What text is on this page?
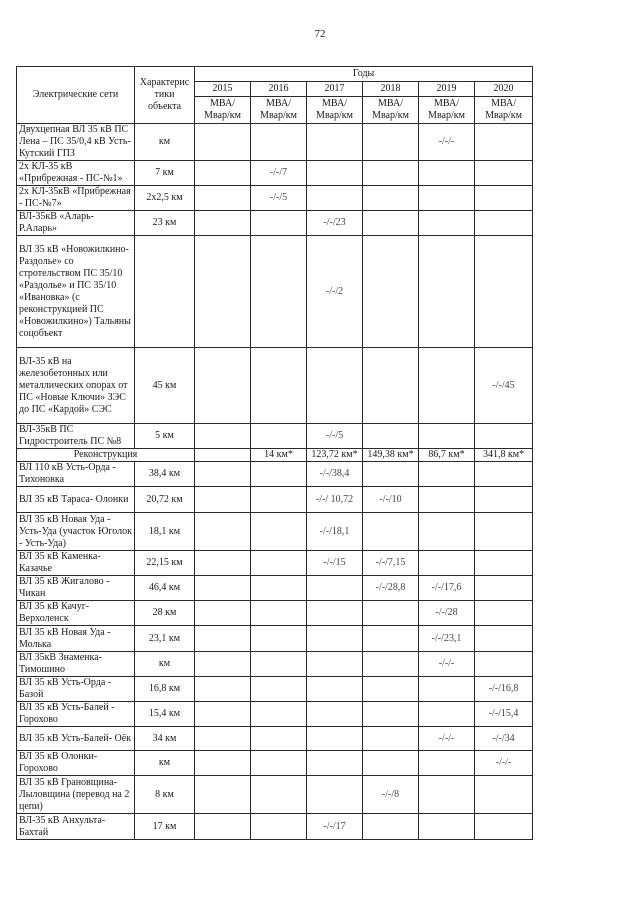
72
Электрические сети	Характерис тики объекта	Годы					
		2015	2016	2017	2018	2019	2020
		МВА/ Мвар/км	МВА/ Мвар/км	МВА/ Мвар/км	МВА/ Мвар/км	МВА/ Мвар/км	МВА/ Мвар/км
Двухцепная ВЛ 35 кВ ПС Лена – ПС 35/0,4 кВ Усть-Кутский ГПЗ	км					-/-/-	
2х КЛ-35 кВ «Прибрежная - ПС-№1»	7 км		-/-/7				
2х КЛ-35кВ «Прибрежная - ПС-№7»	2х2,5 км		-/-/5				
ВЛ-35кВ «Аларь- Р.Аларь»	23 км			-/-/23			
ВЛ 35 кВ «Новожилкино- Раздолье» со стротельством ПС 35/10 «Раздолье» и ПС 35/10 «Ивановка» (с реконструкцией ПС «Новожилкино») Тальяны соцобъект				-/-/2			
ВЛ-35 кВ на железобетонных или металлических опорах от ПС «Новые Ключи» ЗЭС до ПС «Кардой» СЭС	45 км						-/-/45
ВЛ-35кВ ПС Гидростроитель ПС №8	5 км			-/-/5			
Реконструкция			14 км*	123,72 км*	149,38 км*	86,7 км*	341,8 км*
ВЛ 110 кВ Усть-Орда - Тихоновка	38,4 км			-/-/38,4			
ВЛ 35 кВ Тараса- Олонки	20,72 км			-/-/ 10,72	-/-/10		
ВЛ 35 кВ Новая Уда - Усть-Уда (участок Юголок - Усть-Уда)	18,1 км			-/-/18,1			
ВЛ 35 кВ Каменка- Казачье	22,15 км			-/-/15	-/-/7,15		
ВЛ 35 кВ Жигалово - Чикан	46,4 км				-/-/28,8	-/-/17,6	
ВЛ 35 кВ Качуг- Верхоленск	28 км					-/-/28	
ВЛ 35 кВ Новая Уда - Молька	23,1 км					-/-/23,1	
ВЛ 35кВ Знаменка- Тимошино	км					-/-/-	
ВЛ 35 кВ Усть-Орда - Базой	16,8 км						-/-/16,8
ВЛ 35 кВ Усть-Балей - Горохово	15,4 км						-/-/15,4
ВЛ 35 кВ Усть-Балей- Оёк	34 км					-/-/-	-/-/34
ВЛ 35 кВ Олонки- Горохово	км						-/-/-
ВЛ 35 кВ Грановщина- Лыловщина (перевод на 2 цепи)	8 км				-/-/8		
ВЛ-35 кВ Анхульта- Бахтай	17 км			-/-/17			
